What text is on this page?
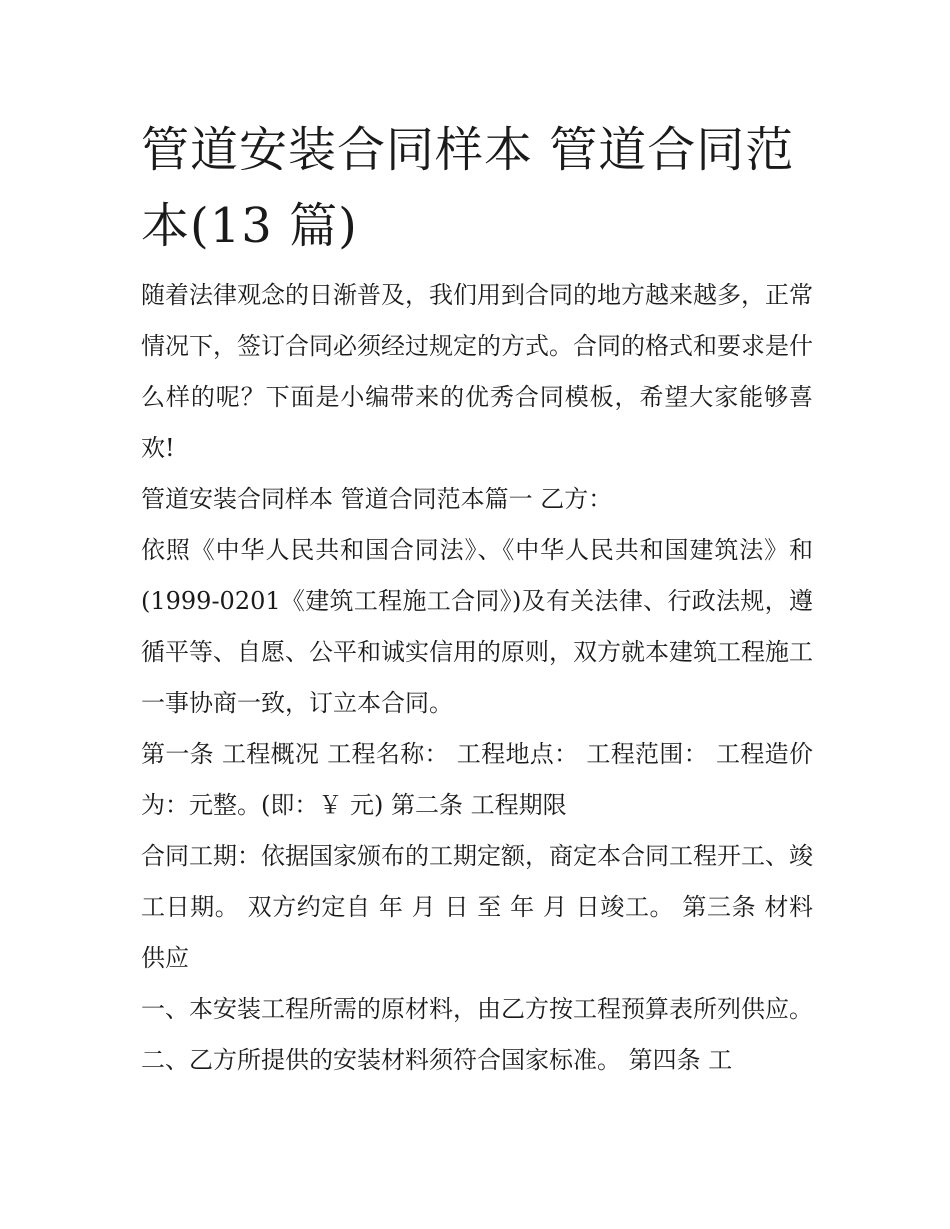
管道安装合同样本 管道合同范本(13 篇)

随着法律观念的日渐普及，我们用到合同的地方越来越多，正常情况下，签订合同必须经过规定的方式。合同的格式和要求是什么样的呢？下面是小编带来的优秀合同模板，希望大家能够喜欢!

管道安装合同样本 管道合同范本篇一 乙方：

依照《中华人民共和国合同法》、《中华人民共和国建筑法》和(1999-0201《建筑工程施工合同》)及有关法律、行政法规，遵循平等、自愿、公平和诚实信用的原则，双方就本建筑工程施工一事协商一致，订立本合同。

第一条 工程概况 工程名称： 工程地点： 工程范围： 工程造价为：元整。(即：￥ 元) 第二条 工程期限

合同工期：依据国家颁布的工期定额，商定本合同工程开工、竣工日期。 双方约定自 年 月 日 至 年 月 日竣工。 第三条 材料供应

一、本安装工程所需的原材料，由乙方按工程预算表所列供应。 二、乙方所提供的安装材料须符合国家标准。 第四条 工
